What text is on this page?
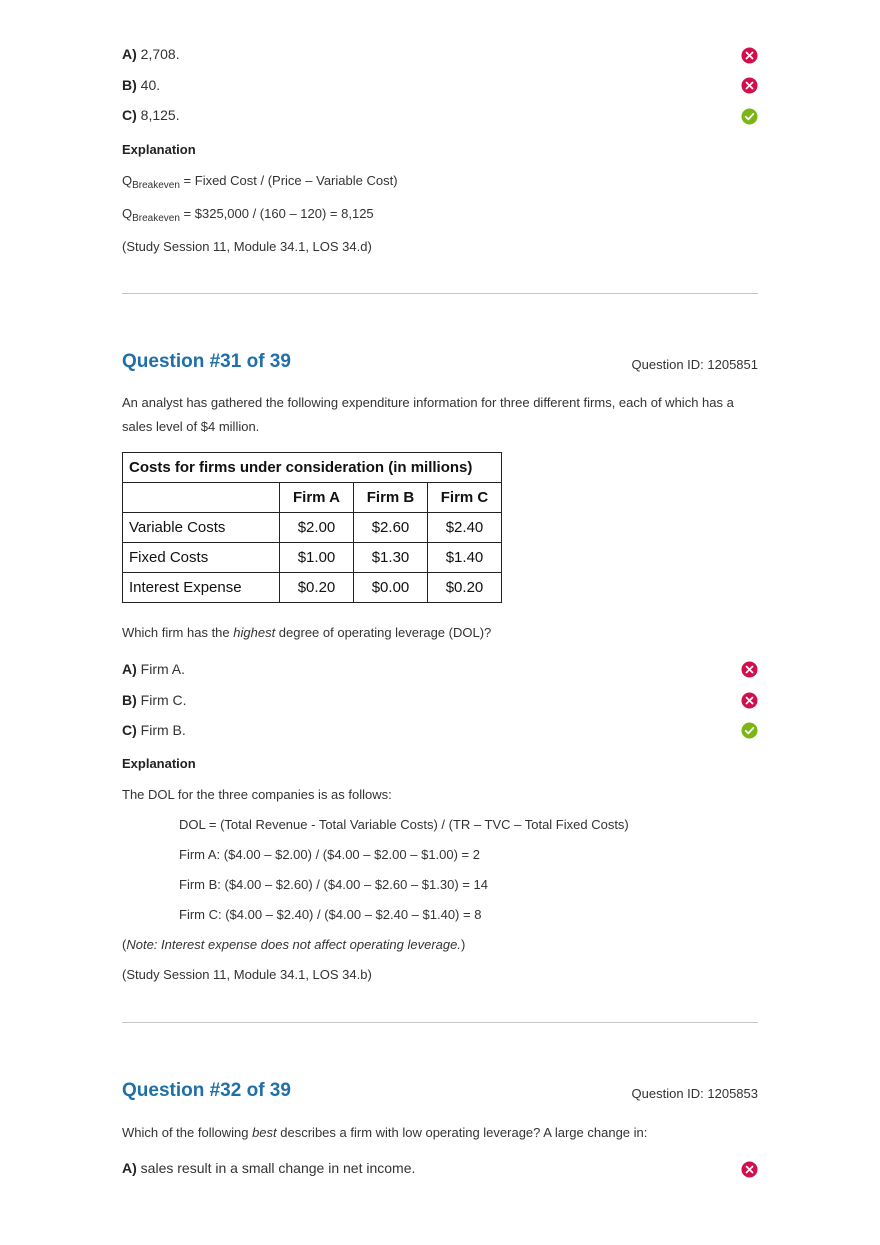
A) 2,708.
B) 40.
C) 8,125.
Explanation
$Q_{Breakeven}$ = Fixed Cost / (Price – Variable Cost)
$Q_{Breakeven}$ = $325,000 / (160 – 120) = 8,125
(Study Session 11, Module 34.1, LOS 34.d)
Question #31 of 39	Question ID: 1205851
An analyst has gathered the following expenditure information for three different firms, each of which has a sales level of $4 million.
Costs for firms under consideration (in millions)			
	Firm A	Firm B	Firm C
Variable Costs	$2.00	$2.60	$2.40
Fixed Costs	$1.00	$1.30	$1.40
Interest Expense	$0.20	$0.00	$0.20
Which firm has the highest degree of operating leverage (DOL)?
A) Firm A.
B) Firm C.
C) Firm B.
Explanation
The DOL for the three companies is as follows:
DOL = (Total Revenue - Total Variable Costs) / (TR – TVC – Total Fixed Costs)
Firm A: ($4.00 – $2.00) / ($4.00 – $2.00 – $1.00) = 2
Firm B: ($4.00 – $2.60) / ($4.00 – $2.60 – $1.30) = 14
Firm C: ($4.00 – $2.40) / ($4.00 – $2.40 – $1.40) = 8
(Note: Interest expense does not affect operating leverage.)
(Study Session 11, Module 34.1, LOS 34.b)
Question #32 of 39	Question ID: 1205853
Which of the following best describes a firm with low operating leverage? A large change in:
A) sales result in a small change in net income.
